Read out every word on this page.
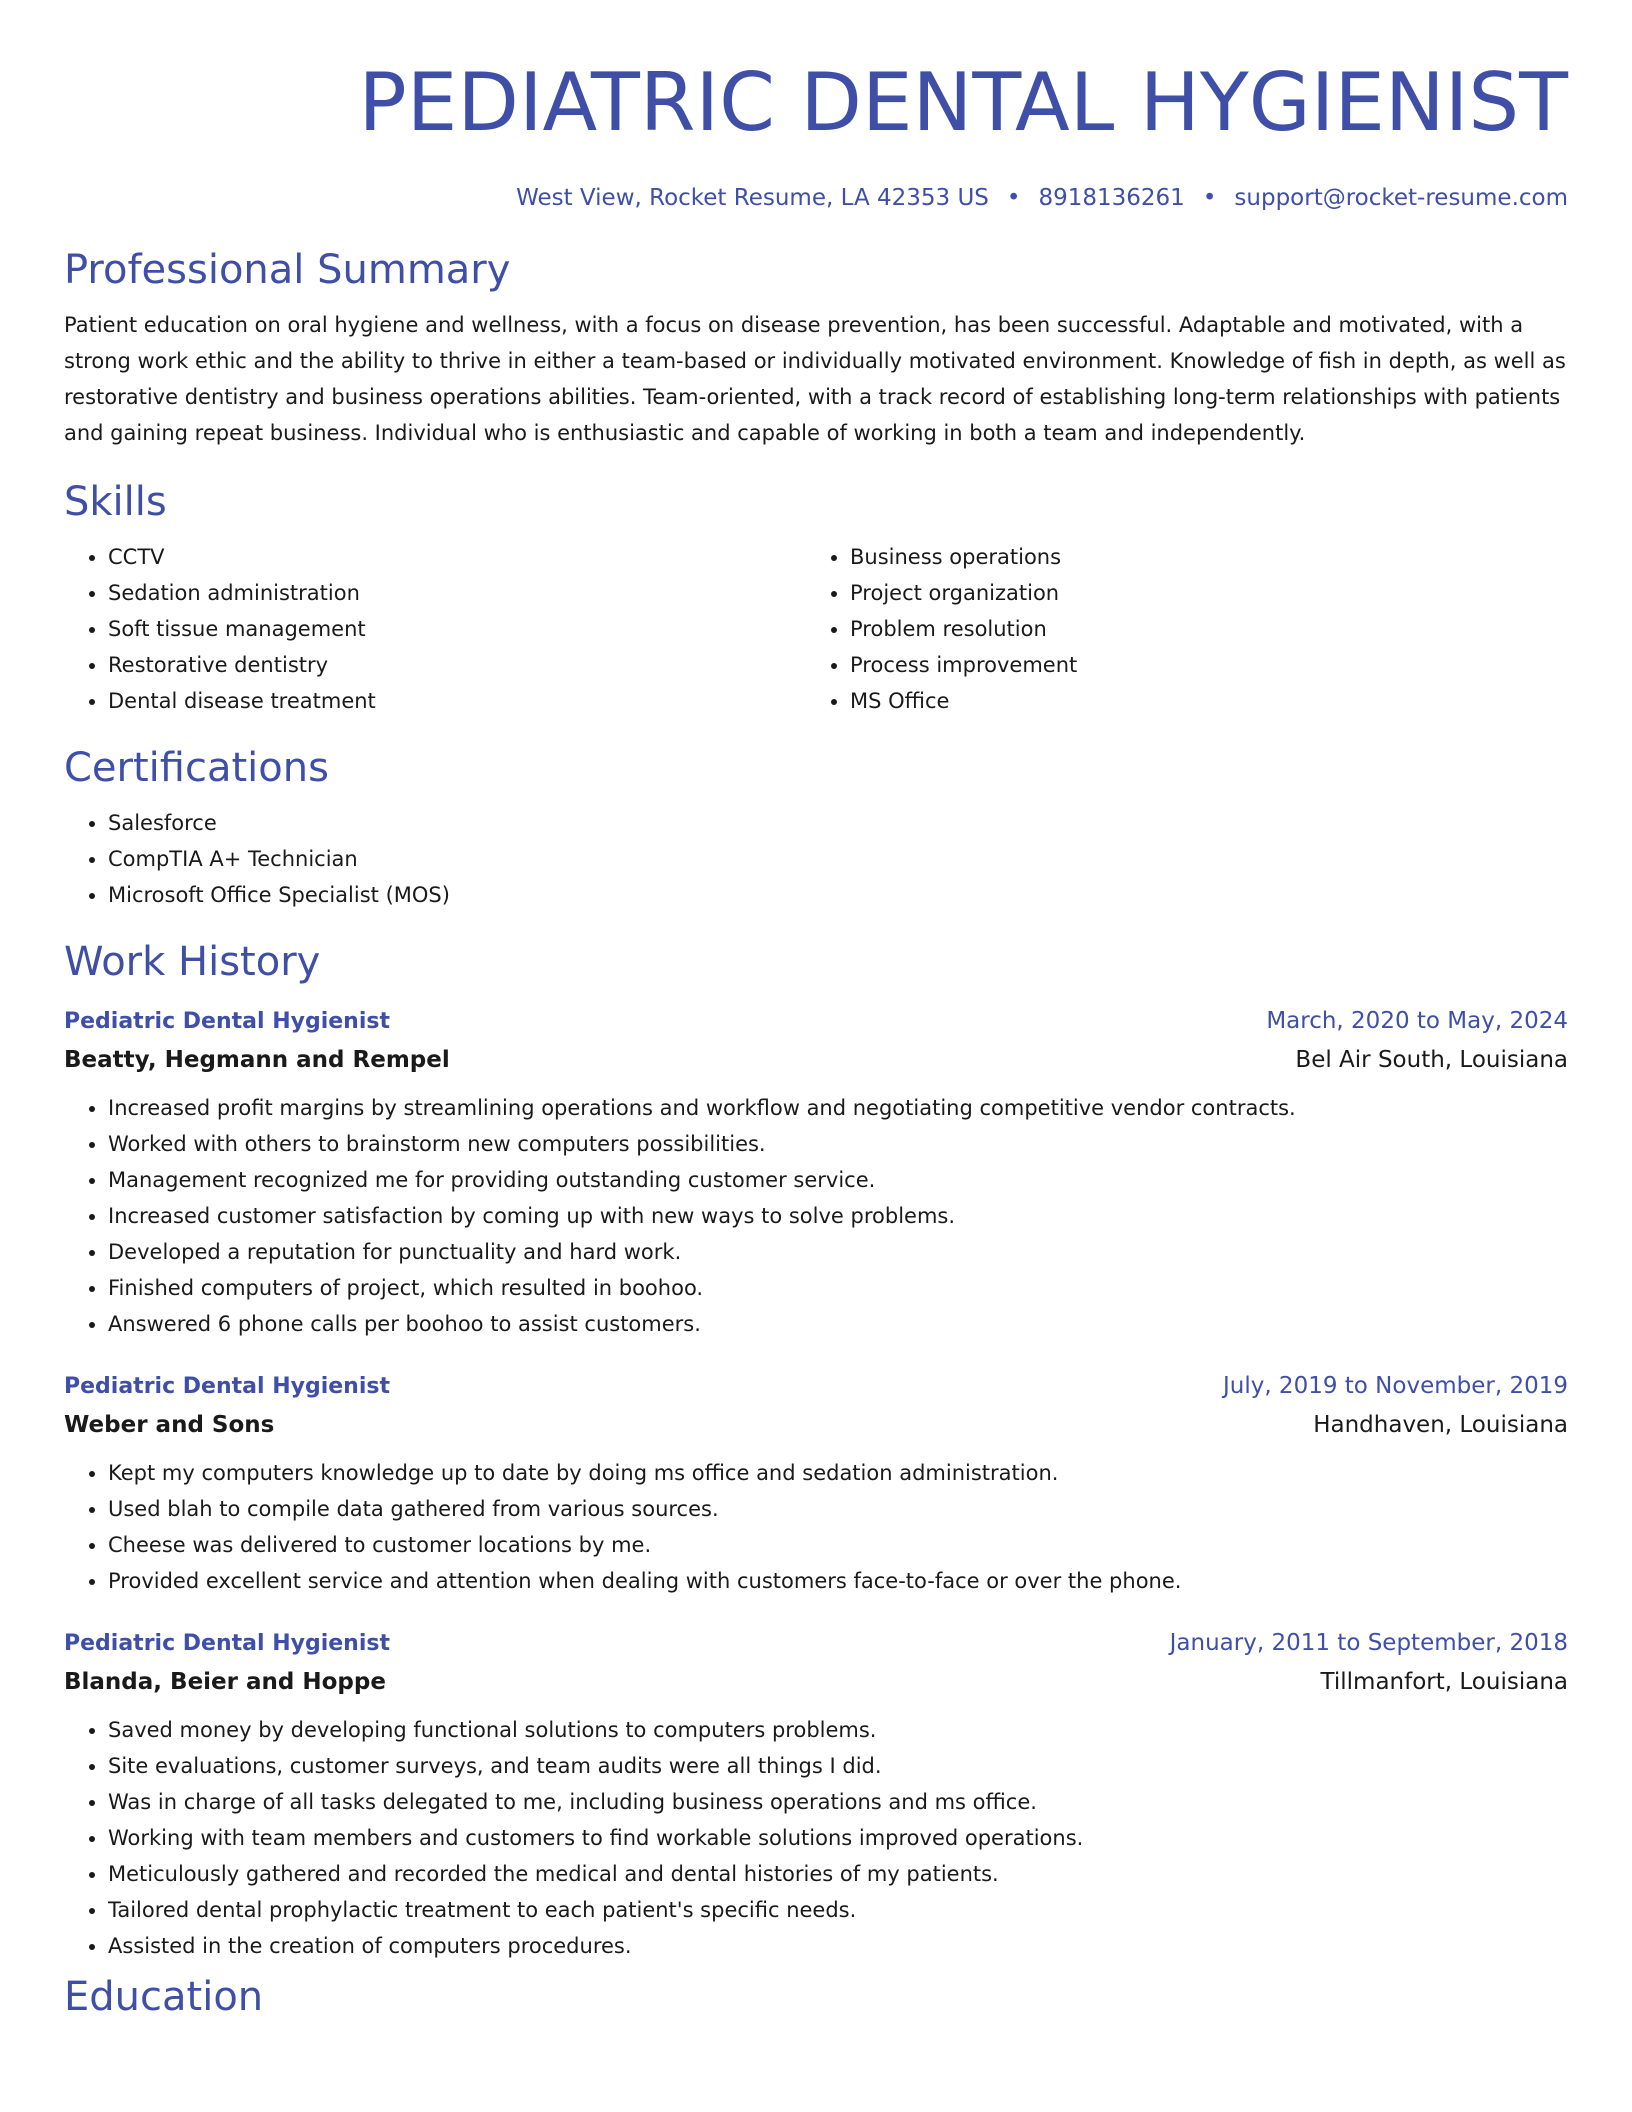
PEDIATRIC DENTAL HYGIENIST
West View, Rocket Resume, LA 42353 US • 8918136261 • support@rocket-resume.com
Professional Summary

Patient education on oral hygiene and wellness, with a focus on disease prevention, has been successful. Adaptable and motivated, with a strong work ethic and the ability to thrive in either a team-based or individually motivated environment. Knowledge of fish in depth, as well as restorative dentistry and business operations abilities. Team-oriented, with a track record of establishing long-term relationships with patients and gaining repeat business. Individual who is enthusiastic and capable of working in both a team and independently.

Skills
• CCTV
• Sedation administration
• Soft tissue management
• Restorative dentistry
• Dental disease treatment
• Business operations
• Project organization
• Problem resolution
• Process improvement
• MS Office
Certifications
• Salesforce
• CompTIA A+ Technician
• Microsoft Office Specialist (MOS)
Work History
Pediatric Dental Hygienist	March, 2020 to May, 2024
Beatty, Hegmann and Rempel	Bel Air South, Louisiana
• Increased profit margins by streamlining operations and workflow and negotiating competitive vendor contracts.
• Worked with others to brainstorm new computers possibilities.
• Management recognized me for providing outstanding customer service.
• Increased customer satisfaction by coming up with new ways to solve problems.
• Developed a reputation for punctuality and hard work.
• Finished computers of project, which resulted in boohoo.
• Answered 6 phone calls per boohoo to assist customers.
Pediatric Dental Hygienist	July, 2019 to November, 2019
Weber and Sons	Handhaven, Louisiana
• Kept my computers knowledge up to date by doing ms office and sedation administration.
• Used blah to compile data gathered from various sources.
• Cheese was delivered to customer locations by me.
• Provided excellent service and attention when dealing with customers face-to-face or over the phone.
Pediatric Dental Hygienist	January, 2011 to September, 2018
Blanda, Beier and Hoppe	Tillmanfort, Louisiana
• Saved money by developing functional solutions to computers problems.
• Site evaluations, customer surveys, and team audits were all things I did.
• Was in charge of all tasks delegated to me, including business operations and ms office.
• Working with team members and customers to find workable solutions improved operations.
• Meticulously gathered and recorded the medical and dental histories of my patients.
• Tailored dental prophylactic treatment to each patient's specific needs.
• Assisted in the creation of computers procedures.
Education
